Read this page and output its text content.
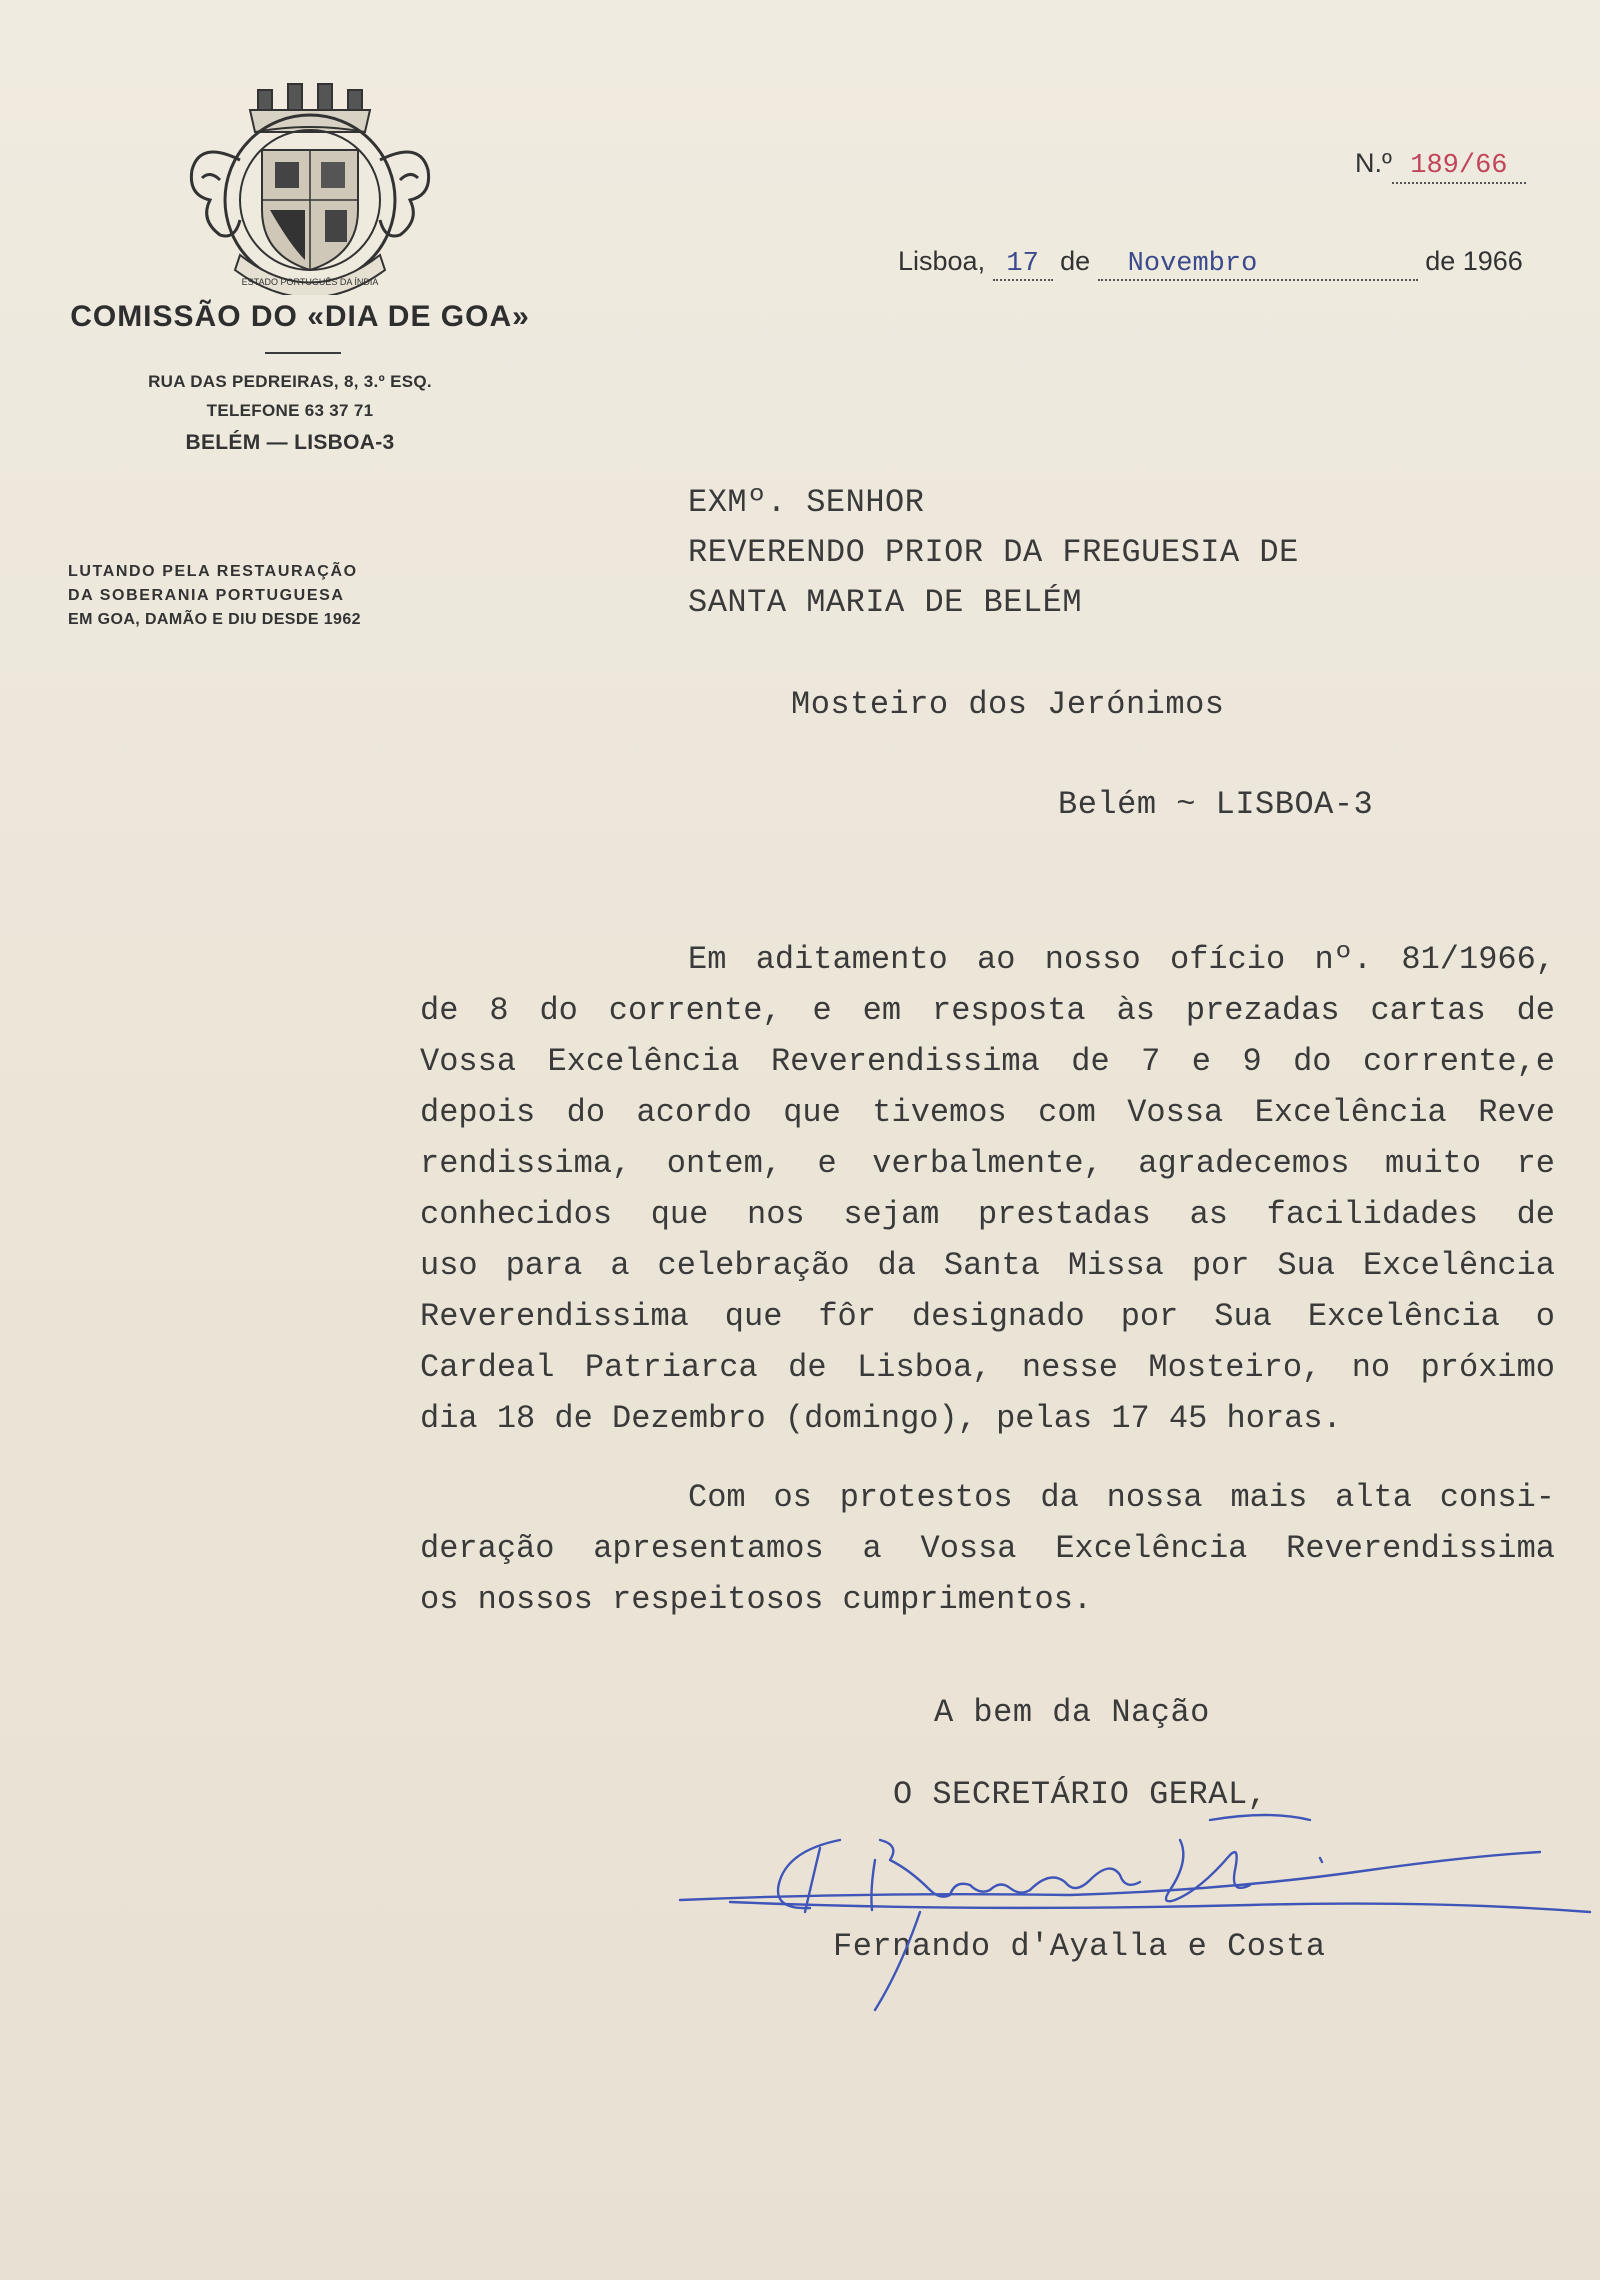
ESTADO PORTUGUÊS DA ÍNDIA
COMISSÃO DO «DIA DE GOA»
RUA DAS PEDREIRAS, 8, 3.º ESQ.
TELEFONE 63 37 71
BELÉM — LISBOA-3
LUTANDO PELA RESTAURAÇÃO
DA SOBERANIA PORTUGUESA
EM GOA, DAMÃO E DIU DESDE 1962
N.º 189/66
Lisboa, 17 de Novembro	de 1966
EXMº. SENHOR
REVERENDO PRIOR DA FREGUESIA DE
SANTA MARIA DE BELÉM
Mosteiro dos Jerónimos
Belém ~ LISBOA-3
Em aditamento ao nosso ofício nº. 81/1966,
de 8 do corrente, e em resposta às prezadas cartas de
Vossa Excelência Reverendissima de 7 e 9 do corrente,e
depois do acordo que tivemos com Vossa Excelência Reve
rendissima, ontem, e verbalmente, agradecemos muito re
conhecidos que nos sejam prestadas as facilidades de
uso para a celebração da Santa Missa por Sua Excelência
Reverendissima que fôr designado por Sua Excelência o
Cardeal Patriarca de Lisboa, nesse Mosteiro, no próximo
dia 18 de Dezembro (domingo), pelas 17 45 horas.
Com os protestos da nossa mais alta consi-
deração apresentamos a Vossa Excelência Reverendissima
os nossos respeitosos cumprimentos.
A bem da Nação
O SECRETÁRIO GERAL,
Fernando d'Ayalla e Costa
